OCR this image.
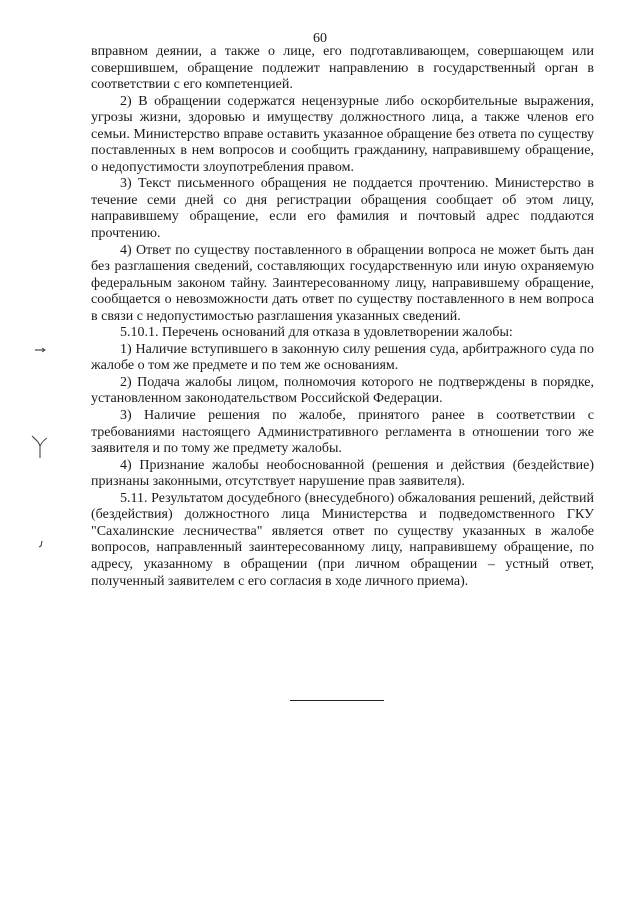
60

вправном деянии, а также о лице, его подготавливающем, совершающем или совершившем, обращение подлежит направлению в государственный орган в соответствии с его компетенцией.

2) В обращении содержатся нецензурные либо оскорбительные выражения, угрозы жизни, здоровью и имуществу должностного лица, а также членов его семьи. Министерство вправе оставить указанное обращение без ответа по существу поставленных в нем вопросов и сообщить гражданину, направившему обращение, о недопустимости злоупотребления правом.

3) Текст письменного обращения не поддается прочтению. Министерство в течение семи дней со дня регистрации обращения сообщает об этом лицу, направившему обращение, если его фамилия и почтовый адрес поддаются прочтению.

4) Ответ по существу поставленного в обращении вопроса не может быть дан без разглашения сведений, составляющих государственную или иную охраняемую федеральным законом тайну. Заинтересованному лицу, направившему обращение, сообщается о невозможности дать ответ по существу поставленного в нем вопроса в связи с недопустимостью разглашения указанных сведений.

5.10.1. Перечень оснований для отказа в удовлетворении жалобы:

1) Наличие вступившего в законную силу решения суда, арбитражного суда по жалобе о том же предмете и по тем же основаниям.

2) Подача жалобы лицом, полномочия которого не подтверждены в порядке, установленном законодательством Российской Федерации.

3) Наличие решения по жалобе, принятого ранее в соответствии с требованиями настоящего Административного регламента в отношении того же заявителя и по тому же предмету жалобы.

4) Признание жалобы необоснованной (решения и действия (бездействие) признаны законными, отсутствует нарушение прав заявителя).

5.11. Результатом досудебного (внесудебного) обжалования решений, действий (бездействия) должностного лица Министерства и подведомственного ГКУ "Сахалинские лесничества" является ответ по существу указанных в жалобе вопросов, направленный заинтересованному лицу, направившему обращение, по адресу, указанному в обращении (при личном обращении – устный ответ, полученный заявителем с его согласия в ходе личного приема).
